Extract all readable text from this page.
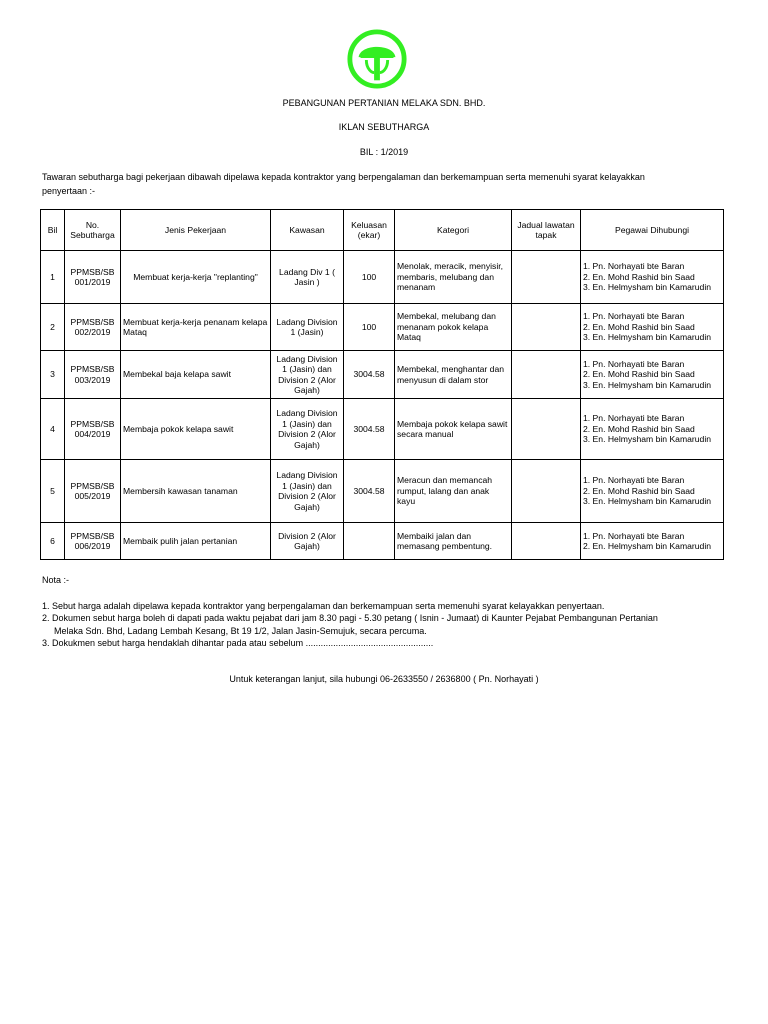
PEBANGUNAN PERTANIAN MELAKA SDN. BHD.
IKLAN SEBUTHARGA
BIL : 1/2019
Tawaran sebutharga bagi pekerjaan dibawah dipelawa kepada kontraktor yang berpengalaman dan berkemampuan serta memenuhi syarat kelayakkan penyertaan :-
Bil	No. Sebutharga	Jenis Pekerjaan	Kawasan	Keluasan (ekar)	Kategori	Jadual lawatan tapak	Pegawai Dihubungi
1	PPMSB/SB 001/2019	Membuat kerja-kerja "replanting"	Ladang Div 1 ( Jasin )	100	Menolak, meracik, menyisir, membaris, melubang dan menanam		1. Pn. Norhayati bte Baran
2. En. Mohd Rashid bin Saad
3. En. Helmysham bin Kamarudin

2	PPMSB/SB 002/2019	Membuat kerja-kerja penanam kelapa Mataq	Ladang Division 1 (Jasin)	100	Membekal, melubang dan menanam pokok kelapa Mataq		1. Pn. Norhayati bte Baran
2. En. Mohd Rashid bin Saad
3. En. Helmysham bin Kamarudin

3	PPMSB/SB 003/2019	Membekal baja kelapa sawit	Ladang Division 1 (Jasin) dan Division 2 (Alor Gajah)	3004.58	Membekal, menghantar dan menyusun di dalam stor		1. Pn. Norhayati bte Baran
2. En. Mohd Rashid bin Saad
3. En. Helmysham bin Kamarudin

4	PPMSB/SB 004/2019	Membaja pokok kelapa sawit	Ladang Division 1 (Jasin) dan Division 2 (Alor Gajah)	3004.58	Membaja pokok kelapa sawit secara manual		1. Pn. Norhayati bte Baran
2. En. Mohd Rashid bin Saad
3. En. Helmysham bin Kamarudin

5	PPMSB/SB 005/2019	Membersih kawasan tanaman	Ladang Division 1 (Jasin) dan Division 2 (Alor Gajah)	3004.58	Meracun dan memancah rumput, lalang dan anak kayu		1. Pn. Norhayati bte Baran
2. En. Mohd Rashid bin Saad
3. En. Helmysham bin Kamarudin

6	PPMSB/SB 006/2019	Membaik pulih jalan pertanian	Division 2 (Alor Gajah)		Membaiki jalan dan memasang pembentung.		1. Pn. Norhayati bte Baran
2. En. Helmysham bin Kamarudin
Nota :-
1. Sebut harga adalah dipelawa kepada kontraktor yang berpengalaman dan berkemampuan serta memenuhi syarat kelayakkan penyertaan.
2. Dokumen sebut harga boleh di dapati pada waktu pejabat dari jam 8.30 pagi - 5.30 petang ( Isnin - Jumaat) di Kaunter Pejabat Pembangunan Pertanian
Melaka Sdn. Bhd, Ladang Lembah Kesang, Bt 19 1/2, Jalan Jasin-Semujuk, secara percuma.
3. Dokukmen sebut harga hendaklah dihantar pada atau sebelum ...................................................
Untuk keterangan lanjut, sila hubungi 06-2633550 / 2636800 ( Pn. Norhayati )
